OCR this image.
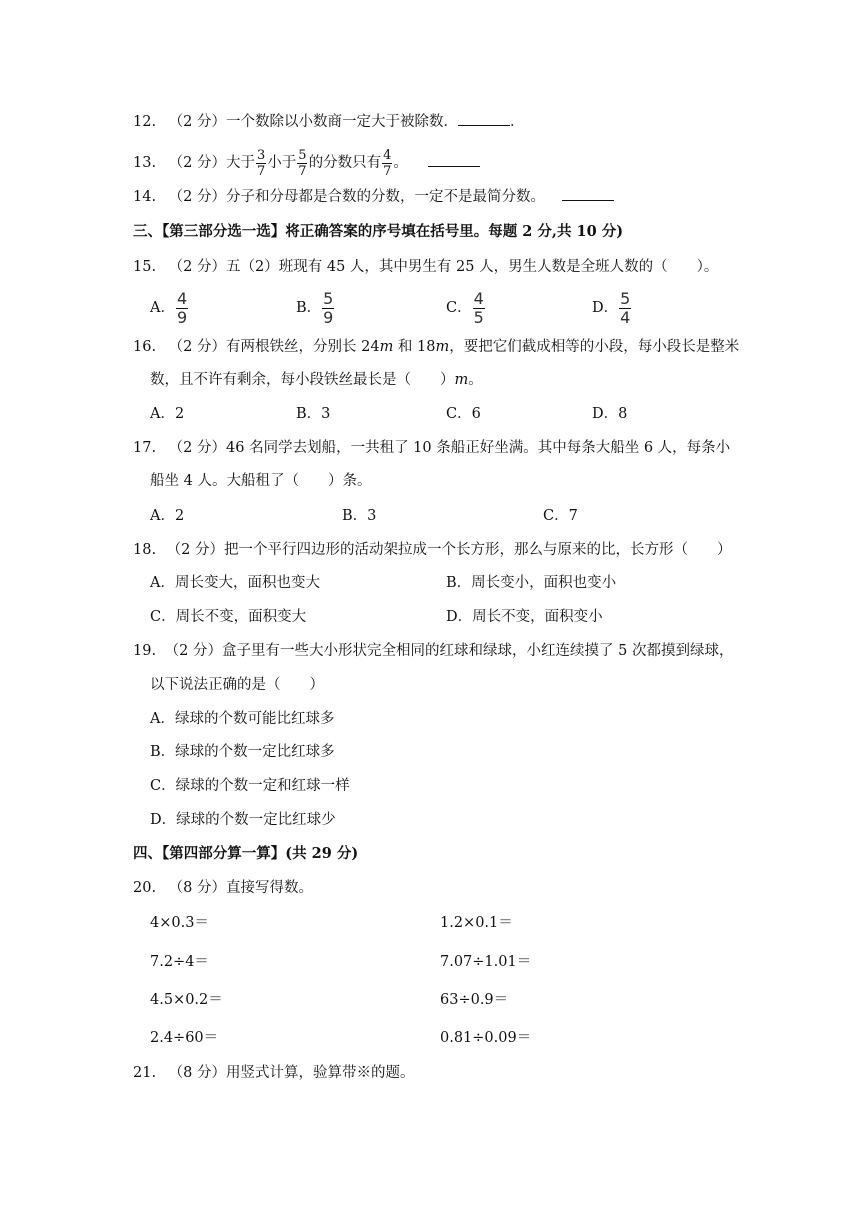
12. （2 分）一个数除以小数商一定大于被除数．	．
13. （2 分）大于 $\frac{3}{7}$ 小于 $\frac{5}{7}$ 的分数只有 $\frac{4}{7}$ 。
14. （2 分）分子和分母都是合数的分数，一定不是最简分数。
三、【第三部分选一选】将正确答案的序号填在括号里。每题 2 分,共 10 分)
15. （2 分）五（2）班现有 45 人，其中男生有 25 人，男生人数是全班人数的（　　）。
A． $\frac{4}{9}$	B． $\frac{5}{9}$	C． $\frac{4}{5}$	D． $\frac{5}{4}$
16. （2 分）有两根铁丝，分别长 24m 和 18m，要把它们截成相等的小段，每小段长是整米
数，且不许有剩余，每小段铁丝最长是（　　）m。
A．2	B．3	C．6	D．8
17. （2 分）46 名同学去划船，一共租了 10 条船正好坐满。其中每条大船坐 6 人，每条小
船坐 4 人。大船租了（　　）条。
A．2	B．3	C．7
18. （2 分）把一个平行四边形的活动架拉成一个长方形，那么与原来的比，长方形（　　）
A．周长变大，面积也变大	B．周长变小，面积也变小
C．周长不变，面积变大	D．周长不变，面积变小
19. （2 分）盒子里有一些大小形状完全相同的红球和绿球，小红连续摸了 5 次都摸到绿球，
以下说法正确的是（　　）
A．绿球的个数可能比红球多
B．绿球的个数一定比红球多
C．绿球的个数一定和红球一样
D．绿球的个数一定比红球少
四、【第四部分算一算】(共 29 分)
20. （8 分）直接写得数。
4×0.3＝	1.2×0.1＝
7.2÷4＝	7.07÷1.01＝
4.5×0.2＝	63÷0.9＝
2.4÷60＝	0.81÷0.09＝
21. （8 分）用竖式计算，验算带※的题。
